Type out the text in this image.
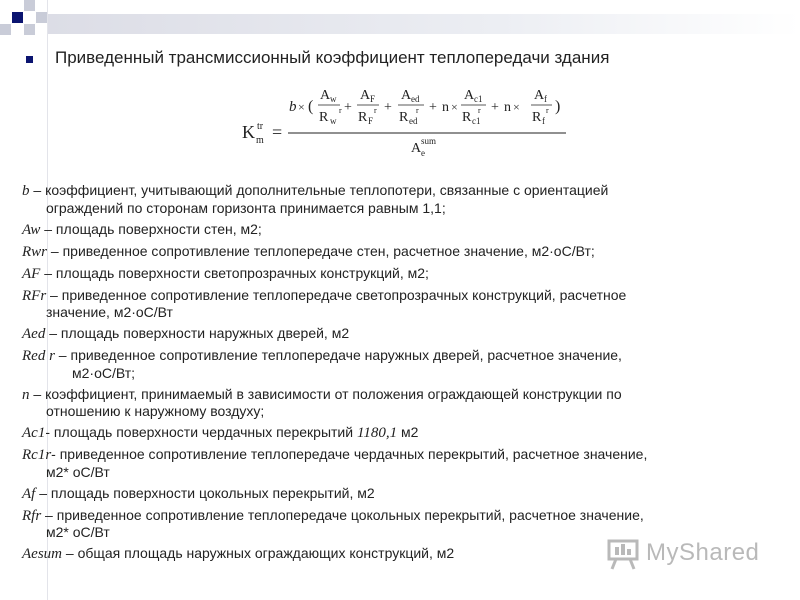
Приведенный трансмиссионный коэффициент теплопередачи здания
K tr
m =
b × (
A w
r
R w
+
A F
r
R F
+
A ed
r
R ed
+ n ×
A c1
r
R c1
+ n ×
A f
r
R f
)
A sum
e
b – коэффициент, учитывающий дополнительные теплопотери, связанные с ориентацией
ограждений по сторонам горизонта принимается равным 1,1;
Aw – площадь поверхности стен, м2;
Rwr – приведенное сопротивление теплопередаче стен, расчетное значение, м2·оС/Вт;
AF – площадь поверхности светопрозрачных конструкций, м2;
RFr – приведенное сопротивление теплопередаче светопрозрачных конструкций, расчетное
значение, м2·оС/Вт
Aed – площадь поверхности наружных дверей, м2
Red r – приведенное сопротивление теплопередаче наружных дверей, расчетное значение,
м2·оС/Вт;
n – коэффициент, принимаемый в зависимости от положения ограждающей конструкции по
отношению к наружному воздуху;
Ac1- площадь поверхности чердачных перекрытий 1180,1 м2
Rc1r- приведенное сопротивление теплопередаче чердачных перекрытий, расчетное значение,
м2* оС/Вт
Af – площадь поверхности цокольных перекрытий, м2
Rfr – приведенное сопротивление теплопередаче цокольных перекрытий, расчетное значение,
м2* оС/Вт
Aesum – общая площадь наружных ограждающих конструкций, м2	MyShared
